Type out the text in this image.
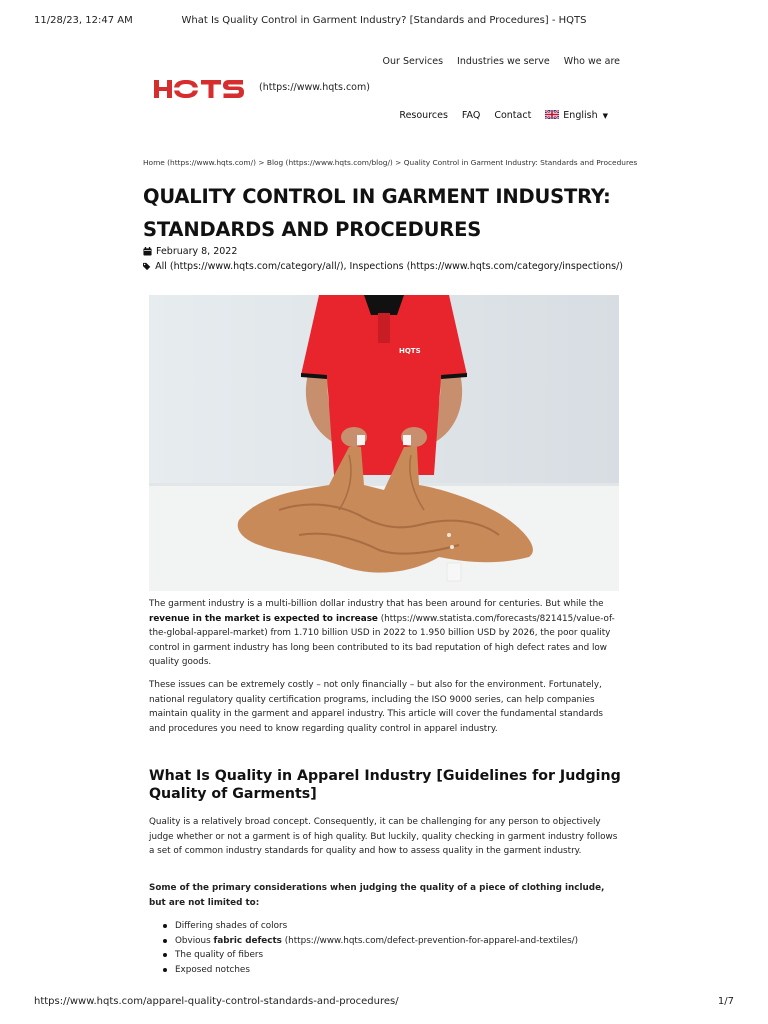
11/28/23, 12:47 AM	What Is Quality Control in Garment Industry? [Standards and Procedures] - HQTS
Our Services Industries we serve Who we are
(https://www.hqts.com)
Resources FAQ Contact	English ▼
Home (https://www.hqts.com/) > Blog (https://www.hqts.com/blog/) > Quality Control in Garment Industry: Standards and Procedures
QUALITY CONTROL IN GARMENT INDUSTRY:
STANDARDS AND PROCEDURES
February 8, 2022
All (https://www.hqts.com/category/all/), Inspections (https://www.hqts.com/category/inspections/)
HQTS
The garment industry is a multi-billion dollar industry that has been around for centuries. But while the revenue in the market is expected to increase (https://www.statista.com/forecasts/821415/value-of-the-global-apparel-market) from 1.710 billion USD in 2022 to 1.950 billion USD by 2026, the poor quality control in garment industry has long been contributed to its bad reputation of high defect rates and low quality goods.
These issues can be extremely costly – not only financially – but also for the environment. Fortunately, national regulatory quality certification programs, including the ISO 9000 series, can help companies maintain quality in the garment and apparel industry. This article will cover the fundamental standards and procedures you need to know regarding quality control in apparel industry.
What Is Quality in Apparel Industry [Guidelines for Judging Quality of Garments]
Quality is a relatively broad concept. Consequently, it can be challenging for any person to objectively judge whether or not a garment is of high quality. But luckily, quality checking in garment industry follows a set of common industry standards for quality and how to assess quality in the garment industry.
Some of the primary considerations when judging the quality of a piece of clothing include, but are not limited to:
Differing shades of colors
Obvious fabric defects (https://www.hqts.com/defect-prevention-for-apparel-and-textiles/)
The quality of fibers
Exposed notches
https://www.hqts.com/apparel-quality-control-standards-and-procedures/	1/7
